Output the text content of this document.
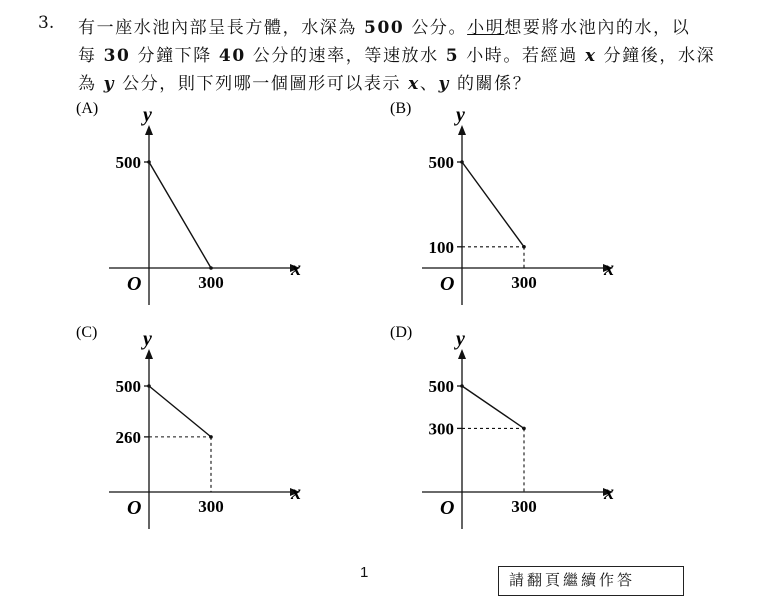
3. 有一座水池內部呈長方體，水深為 500 公分。小明想要將水池內的水，以
每 30 分鐘下降 40 公分的速率，等速放水 5 小時。若經過 x 分鐘後，水深
為 y 公分，則下列哪一個圖形可以表示 x、y 的關係？
(A)
x
y
O
500
300
(B)
x
y
O
500
100
300
(C)
x
y
O
500
260
300
(D)
x
y
O
500
300
300
1	請翻頁繼續作答
